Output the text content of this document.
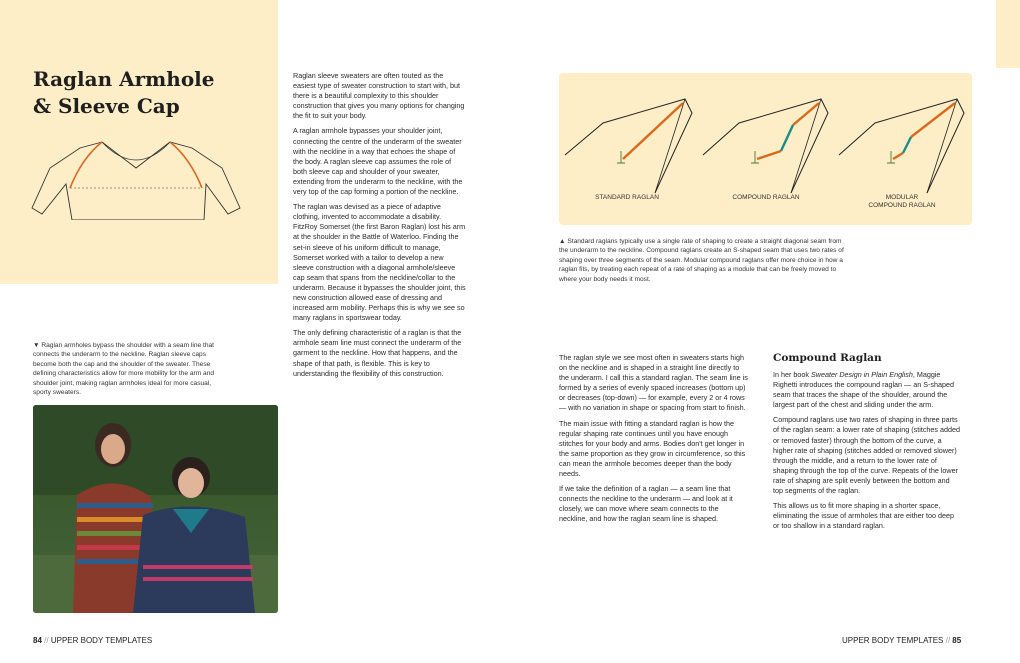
Raglan Armhole
& Sleeve Cap
▼ Raglan armholes bypass the shoulder with a seam line that connects the underarm to the neckline. Raglan sleeve caps become both the cap and the shoulder of the sweater. These defining characteristics allow for more mobility for the arm and shoulder joint, making raglan armholes ideal for more casual, sporty sweaters.

Raglan sleeve sweaters are often touted as the easiest type of sweater construction to start with, but there is a beautiful complexity to this shoulder construction that gives you many options for changing the fit to suit your body.

A raglan armhole bypasses your shoulder joint, connecting the centre of the underarm of the sweater with the neckline in a way that echoes the shape of the body. A raglan sleeve cap assumes the role of both sleeve cap and shoulder of your sweater, extending from the underarm to the neckline, with the very top of the cap forming a portion of the neckline.

The raglan was devised as a piece of adaptive clothing, invented to accommodate a disability. FitzRoy Somerset (the first Baron Raglan) lost his arm at the shoulder in the Battle of Waterloo. Finding the set-in sleeve of his uniform difficult to manage, Somerset worked with a tailor to develop a new sleeve construction with a diagonal armhole/sleeve cap seam that spans from the neckline/collar to the underarm. Because it bypasses the shoulder joint, this new construction allowed ease of dressing and increased arm mobility. Perhaps this is why we see so many raglans in sportswear today.

The only defining characteristic of a raglan is that the armhole seam line must connect the underarm of the garment to the neckline. How that happens, and the shape of that path, is flexible. This is key to understanding the flexibility of this construction.

84 // UPPER BODY TEMPLATES
STANDARD RAGLAN	COMPOUND RAGLAN	MODULAR
COMPOUND RAGLAN
▲ Standard raglans typically use a single rate of shaping to create a straight diagonal seam from the underarm to the neckline. Compound raglans create an S-shaped seam that uses two rates of shaping over three segments of the seam. Modular compound raglans offer more choice in how a raglan fits, by treating each repeat of a rate of shaping as a module that can be freely moved to where your body needs it most.

The raglan style we see most often in sweaters starts high on the neckline and is shaped in a straight line directly to the underarm. I call this a standard raglan. The seam line is formed by a series of evenly spaced increases (bottom up) or decreases (top-down) — for example, every 2 or 4 rows — with no variation in shape or spacing from start to finish.

The main issue with fitting a standard raglan is how the regular shaping rate continues until you have enough stitches for your body and arms. Bodies don't get longer in the same proportion as they grow in circumference, so this can mean the armhole becomes deeper than the body needs.

If we take the definition of a raglan — a seam line that connects the neckline to the underarm — and look at it closely, we can move where seam connects to the neckline, and how the raglan seam line is shaped.

Compound Raglan

In her book Sweater Design in Plain English, Maggie Righetti introduces the compound raglan — an S-shaped seam that traces the shape of the shoulder, around the largest part of the chest and sliding under the arm.

Compound raglans use two rates of shaping in three parts of the raglan seam: a lower rate of shaping (stitches added or removed faster) through the bottom of the curve, a higher rate of shaping (stitches added or removed slower) through the middle, and a return to the lower rate of shaping through the top of the curve. Repeats of the lower rate of shaping are split evenly between the bottom and top segments of the raglan.

This allows us to fit more shaping in a shorter space, eliminating the issue of armholes that are either too deep or too shallow in a standard raglan.

UPPER BODY TEMPLATES // 85
